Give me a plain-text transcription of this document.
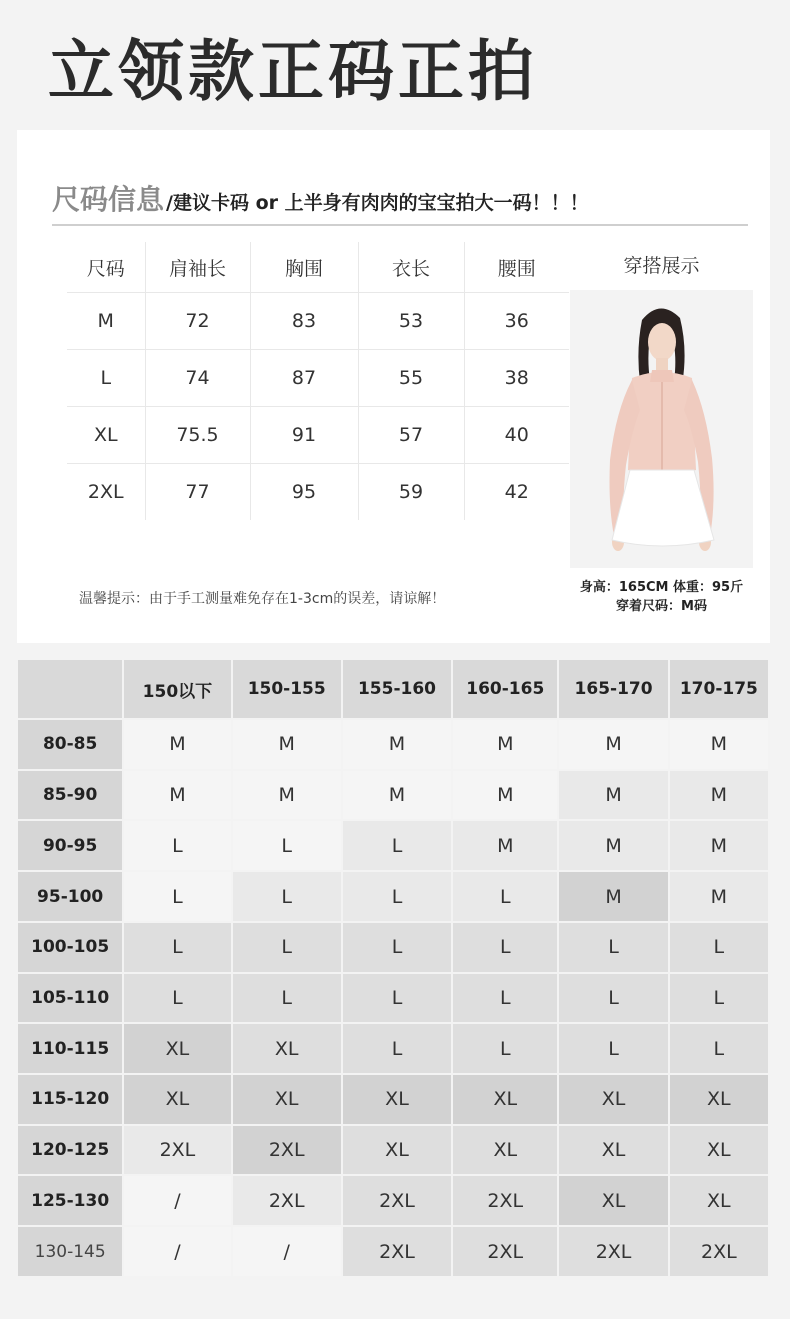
立领款正码正拍
尺码信息 /建议卡码 or 上半身有肉肉的宝宝拍大一码！！！
尺码	肩袖长	胸围	衣长	腰围
M	72	83	53	36
L	74	87	55	38
XL	75.5	91	57	40
2XL	77	95	59	42
穿搭展示
身高：165CM 体重：95斤
穿着尺码：M码
温馨提示：由于手工测量难免存在1-3cm的误差，请谅解！
	150以下	150-155	155-160	160-165	165-170	170-175
80-85	M	M	M	M	M	M
85-90	M	M	M	M	M	M
90-95	L	L	L	M	M	M
95-100	L	L	L	L	M	M
100-105	L	L	L	L	L	L
105-110	L	L	L	L	L	L
110-115	XL	XL	L	L	L	L
115-120	XL	XL	XL	XL	XL	XL
120-125	2XL	2XL	XL	XL	XL	XL
125-130	/	2XL	2XL	2XL	XL	XL
130-145	/	/	2XL	2XL	2XL	2XL
